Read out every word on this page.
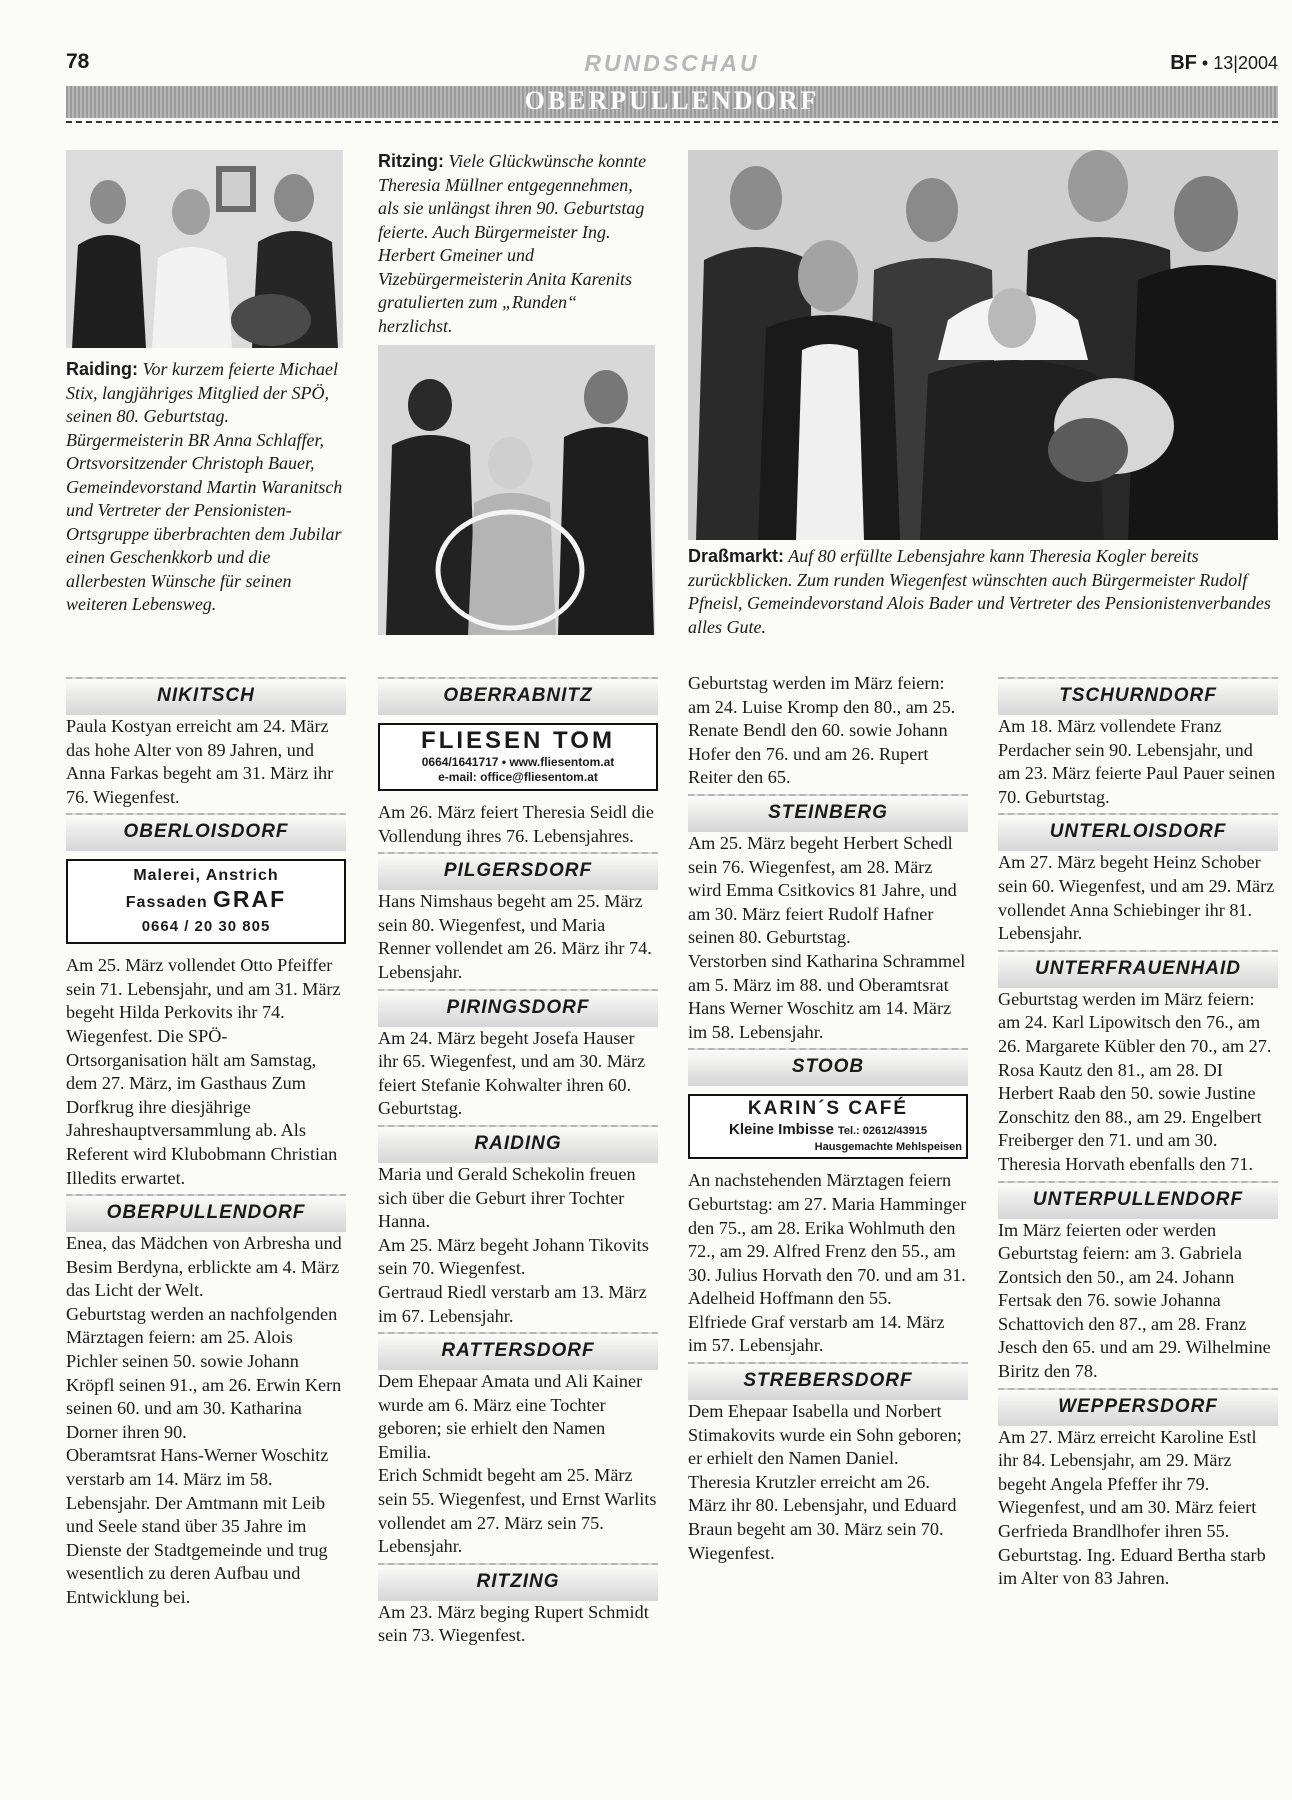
78	RUNDSCHAU	BF • 13|2004
OBERPULLENDORF
Raiding: Vor kurzem feierte Michael Stix, langjähriges Mitglied der SPÖ, seinen 80. Geburtstag. Bürgermeisterin BR Anna Schlaffer, Ortsvorsitzender Christoph Bauer, Gemeindevorstand Martin Waranitsch und Vertreter der Pensionisten-Ortsgruppe überbrachten dem Jubilar einen Geschenkkorb und die allerbesten Wünsche für seinen weiteren Lebensweg.
Ritzing: Viele Glückwünsche konnte Theresia Müllner entgegennehmen, als sie unlängst ihren 90. Geburtstag feierte. Auch Bürgermeister Ing. Herbert Gmeiner und Vizebürgermeisterin Anita Karenits gratulierten zum „Runden“ herzlichst.
Draßmarkt: Auf 80 erfüllte Lebensjahre kann Theresia Kogler bereits zurückblicken. Zum runden Wiegenfest wünschten auch Bürgermeister Rudolf Pfneisl, Gemeindevorstand Alois Bader und Vertreter des Pensionistenverbandes alles Gute.
NIKITSCH

Paula Kostyan erreicht am 24. März das hohe Alter von 89 Jahren, und Anna Farkas begeht am 31. März ihr 76. Wiegenfest.

OBERLOISDORF
Malerei, Anstrich
Fassaden GRAF
0664 / 20 30 805

Am 25. März vollendet Otto Pfeiffer sein 71. Lebensjahr, und am 31. März begeht Hilda Perkovits ihr 74. Wiegenfest. Die SPÖ-Ortsorganisation hält am Samstag, dem 27. März, im Gasthaus Zum Dorfkrug ihre diesjährige Jahreshauptversammlung ab. Als Referent wird Klubobmann Christian Illedits erwartet.

OBERPULLENDORF

Enea, das Mädchen von Arbresha und Besim Berdyna, erblickte am 4. März das Licht der Welt.

Geburtstag werden an nachfolgenden Märztagen feiern: am 25. Alois Pichler seinen 50. sowie Johann Kröpfl seinen 91., am 26. Erwin Kern seinen 60. und am 30. Katharina Dorner ihren 90.

Oberamtsrat Hans-Werner Woschitz verstarb am 14. März im 58. Lebensjahr. Der Amtmann mit Leib und Seele stand über 35 Jahre im Dienste der Stadtgemeinde und trug wesentlich zu deren Aufbau und Entwicklung bei.

OBERRABNITZ
FLIESEN TOM
0664/1641717 • www.fliesentom.at
e-mail: office@fliesentom.at

Am 26. März feiert Theresia Seidl die Vollendung ihres 76. Lebensjahres.

PILGERSDORF

Hans Nimshaus begeht am 25. März sein 80. Wiegenfest, und Maria Renner vollendet am 26. März ihr 74. Lebensjahr.

PIRINGSDORF

Am 24. März begeht Josefa Hauser ihr 65. Wiegenfest, und am 30. März feiert Stefanie Kohwalter ihren 60. Geburtstag.

RAIDING

Maria und Gerald Schekolin freuen sich über die Geburt ihrer Tochter Hanna.

Am 25. März begeht Johann Tikovits sein 70. Wiegenfest.

Gertraud Riedl verstarb am 13. März im 67. Lebensjahr.

RATTERSDORF

Dem Ehepaar Amata und Ali Kainer wurde am 6. März eine Tochter geboren; sie erhielt den Namen Emilia.

Erich Schmidt begeht am 25. März sein 55. Wiegenfest, und Ernst Warlits vollendet am 27. März sein 75. Lebensjahr.

RITZING

Am 23. März beging Rupert Schmidt sein 73. Wiegenfest.

Geburtstag werden im März feiern: am 24. Luise Kromp den 80., am 25. Renate Bendl den 60. sowie Johann Hofer den 76. und am 26. Rupert Reiter den 65.

STEINBERG

Am 25. März begeht Herbert Schedl sein 76. Wiegenfest, am 28. März wird Emma Csitkovics 81 Jahre, und am 30. März feiert Rudolf Hafner seinen 80. Geburtstag.

Verstorben sind Katharina Schrammel am 5. März im 88. und Oberamtsrat Hans Werner Woschitz am 14. März im 58. Lebensjahr.

STOOB
KARIN´S CAFÉ
Kleine Imbisse Tel.: 02612/43915
Hausgemachte Mehlspeisen

An nachstehenden Märztagen feiern Geburtstag: am 27. Maria Hamminger den 75., am 28. Erika Wohlmuth den 72., am 29. Alfred Frenz den 55., am 30. Julius Horvath den 70. und am 31. Adelheid Hoffmann den 55.

Elfriede Graf verstarb am 14. März im 57. Lebensjahr.

STREBERSDORF

Dem Ehepaar Isabella und Norbert Stimakovits wurde ein Sohn geboren; er erhielt den Namen Daniel.

Theresia Krutzler erreicht am 26. März ihr 80. Lebensjahr, und Eduard Braun begeht am 30. März sein 70. Wiegenfest.

TSCHURNDORF

Am 18. März vollendete Franz Perdacher sein 90. Lebensjahr, und am 23. März feierte Paul Pauer seinen 70. Geburtstag.

UNTERLOISDORF

Am 27. März begeht Heinz Schober sein 60. Wiegenfest, und am 29. März vollendet Anna Schiebinger ihr 81. Lebensjahr.

UNTERFRAUENHAID

Geburtstag werden im März feiern: am 24. Karl Lipowitsch den 76., am 26. Margarete Kübler den 70., am 27. Rosa Kautz den 81., am 28. DI Herbert Raab den 50. sowie Justine Zonschitz den 88., am 29. Engelbert Freiberger den 71. und am 30. Theresia Horvath ebenfalls den 71.

UNTERPULLENDORF

Im März feierten oder werden Geburtstag feiern: am 3. Gabriela Zontsich den 50., am 24. Johann Fertsak den 76. sowie Johanna Schattovich den 87., am 28. Franz Jesch den 65. und am 29. Wilhelmine Biritz den 78.

WEPPERSDORF

Am 27. März erreicht Karoline Estl ihr 84. Lebensjahr, am 29. März begeht Angela Pfeffer ihr 79. Wiegenfest, und am 30. März feiert Gerfrieda Brandlhofer ihren 55. Geburtstag. Ing. Eduard Bertha starb im Alter von 83 Jahren.
